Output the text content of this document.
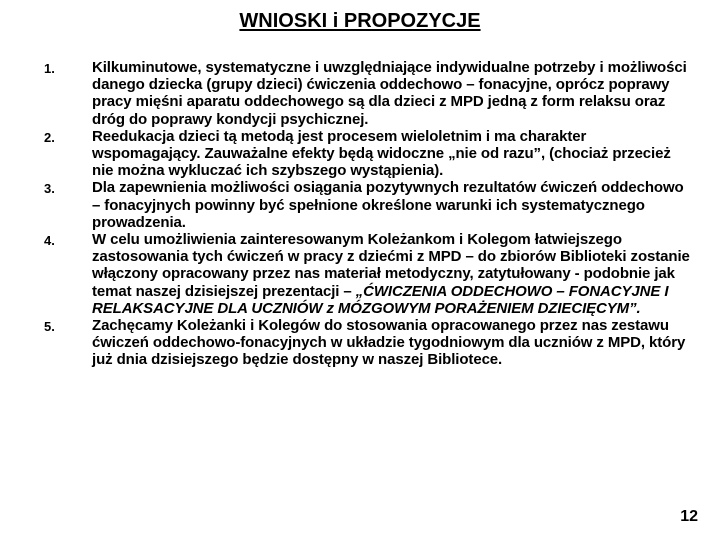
WNIOSKI i PROPOZYCJE
1.	Kilkuminutowe, systematyczne i uwzględniające indywidualne potrzeby i możliwości danego dziecka (grupy dzieci) ćwiczenia oddechowo – fonacyjne, oprócz poprawy pracy mięśni aparatu oddechowego są dla dzieci z MPD jedną z form relaksu oraz dróg do poprawy kondycji psychicznej.
2.	Reedukacja dzieci tą metodą jest procesem wieloletnim i ma charakter wspomagający. Zauważalne efekty będą widoczne „nie od razu”, (chociaż przecież nie można wykluczać ich szybszego wystąpienia).
3.	Dla zapewnienia możliwości osiągania pozytywnych rezultatów ćwiczeń oddechowo – fonacyjnych powinny być spełnione określone warunki ich systematycznego prowadzenia.
4.	W celu umożliwienia zainteresowanym Koleżankom i Kolegom łatwiejszego zastosowania tych ćwiczeń w pracy z dziećmi z MPD – do zbiorów Biblioteki zostanie włączony opracowany przez nas materiał metodyczny, zatytułowany - podobnie jak temat naszej dzisiejszej prezentacji – „ĆWICZENIA ODDECHOWO – FONACYJNE I RELAKSACYJNE DLA UCZNIÓW z MÓZGOWYM PORAŻENIEM DZIECIĘCYM”.
5.	Zachęcamy Koleżanki i Kolegów do stosowania opracowanego przez nas zestawu ćwiczeń oddechowo-fonacyjnych w układzie tygodniowym dla uczniów z MPD, który już dnia dzisiejszego będzie dostępny w naszej Bibliotece.
12
